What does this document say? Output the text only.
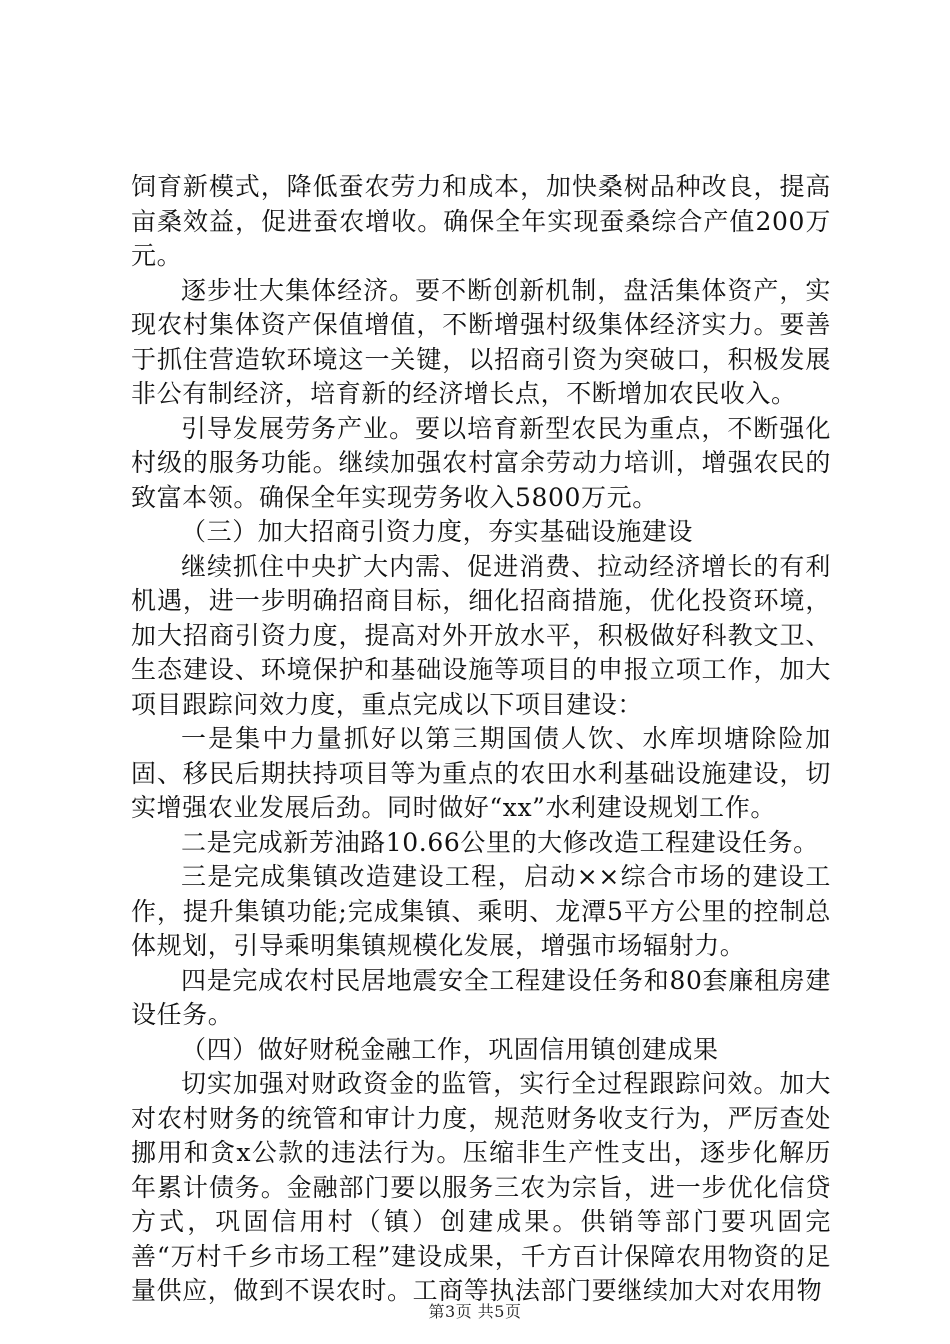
饲育新模式，降低蚕农劳力和成本，加快桑树品种改良，提高亩桑效益，促进蚕农增收。确保全年实现蚕桑综合产值200万元。

逐步壮大集体经济。要不断创新机制，盘活集体资产，实现农村集体资产保值增值，不断增强村级集体经济实力。要善于抓住营造软环境这一关键，以招商引资为突破口，积极发展非公有制经济，培育新的经济增长点，不断增加农民收入。

引导发展劳务产业。要以培育新型农民为重点，不断强化村级的服务功能。继续加强农村富余劳动力培训，增强农民的致富本领。确保全年实现劳务收入5800万元。

（三）加大招商引资力度，夯实基础设施建设

继续抓住中央扩大内需、促进消费、拉动经济增长的有利机遇，进一步明确招商目标，细化招商措施，优化投资环境，加大招商引资力度，提高对外开放水平，积极做好科教文卫、生态建设、环境保护和基础设施等项目的申报立项工作，加大项目跟踪问效力度，重点完成以下项目建设：

一是集中力量抓好以第三期国债人饮、水库坝塘除险加固、移民后期扶持项目等为重点的农田水利基础设施建设，切实增强农业发展后劲。同时做好“xx”水利建设规划工作。

二是完成新芳油路10.66公里的大修改造工程建设任务。

三是完成集镇改造建设工程，启动××综合市场的建设工作，提升集镇功能;完成集镇、乘明、龙潭5平方公里的控制总体规划，引导乘明集镇规模化发展，增强市场辐射力。

四是完成农村民居地震安全工程建设任务和80套廉租房建设任务。

（四）做好财税金融工作，巩固信用镇创建成果

切实加强对财政资金的监管，实行全过程跟踪问效。加大对农村财务的统管和审计力度，规范财务收支行为，严厉查处挪用和贪x公款的违法行为。压缩非生产性支出，逐步化解历年累计债务。金融部门要以服务三农为宗旨，进一步优化信贷方式，巩固信用村（镇）创建成果。供销等部门要巩固完善“万村千乡市场工程”建设成果，千方百计保障农用物资的足量供应，做到不误农时。工商等执法部门要继续加大对农用物

第3页 共5页
